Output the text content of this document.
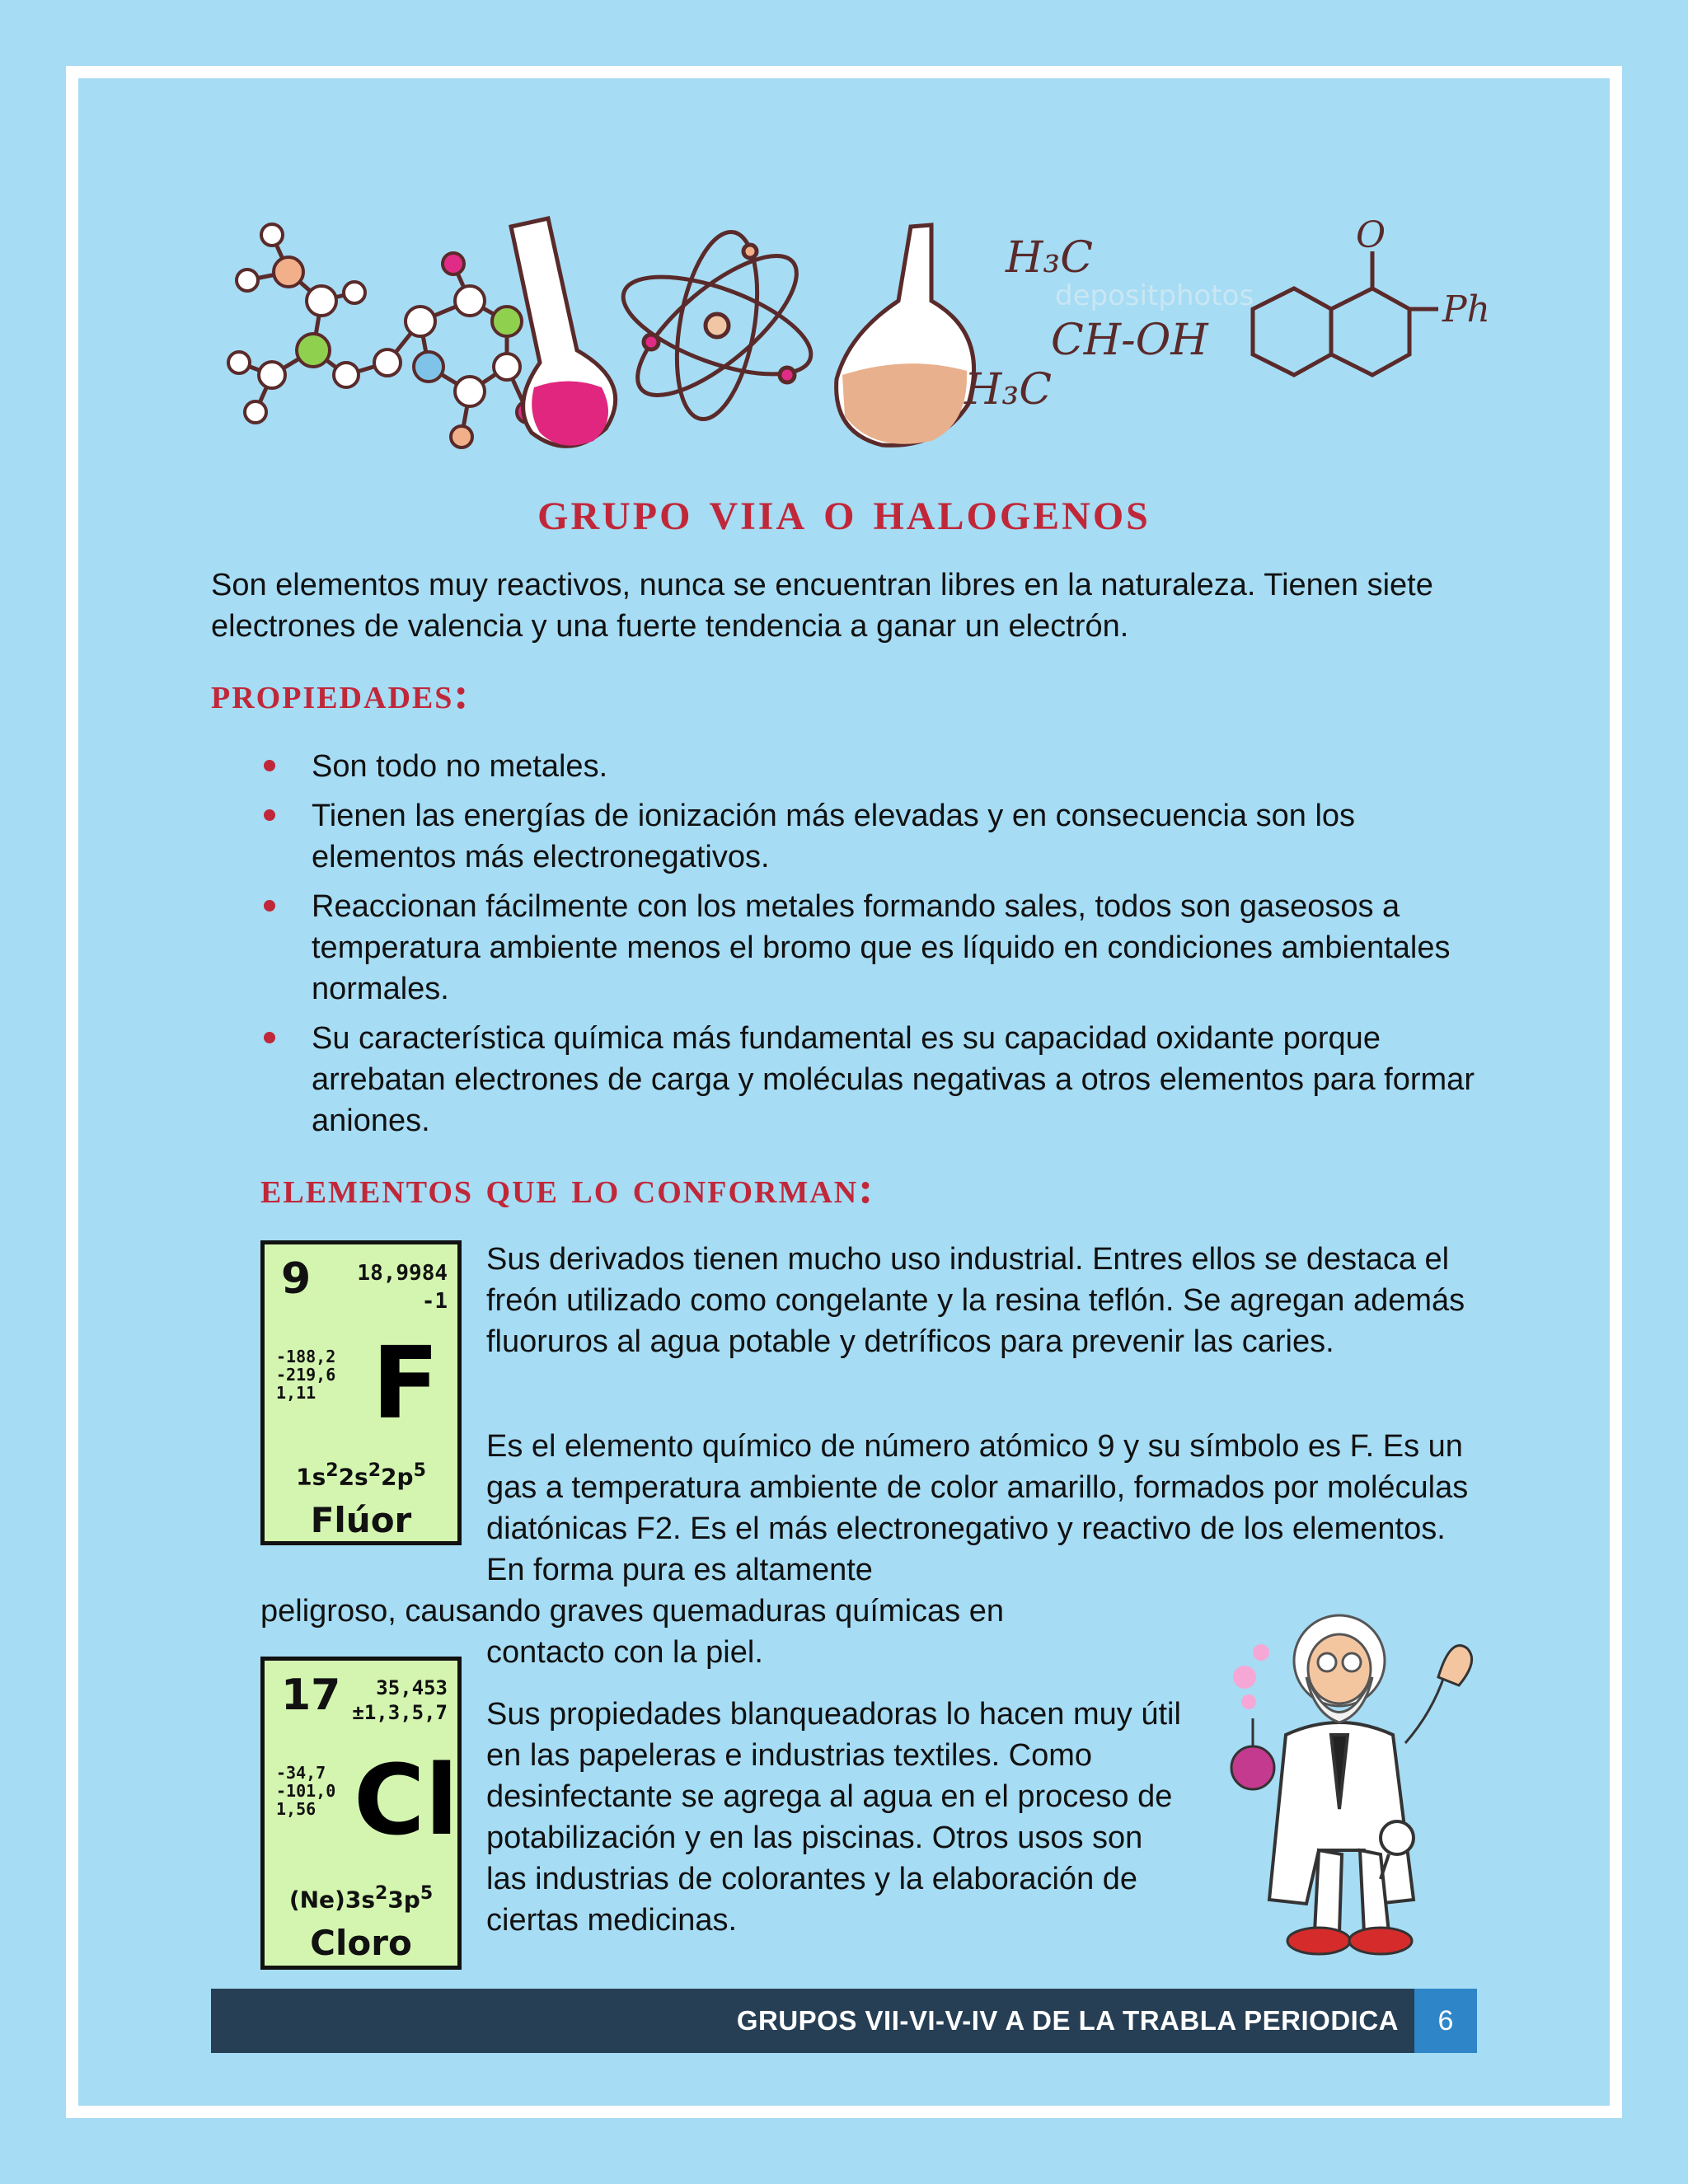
H₃C
CH-OH
H₃C
O
Ph
depositphotos
grupo viia o halogenos

Son elementos muy reactivos, nunca se encuentran libres en la naturaleza. Tienen siete electrones de valencia y una fuerte tendencia a ganar un electrón.

propiedades:
Son todo no metales.
Tienen las energías de ionización más elevadas y en consecuencia son los elementos más electronegativos.
Reaccionan fácilmente con los metales formando sales, todos son gaseosos a temperatura ambiente menos el bromo que es líquido en condiciones ambientales normales.
Su característica química más fundamental es su capacidad oxidante porque arrebatan electrones de carga y moléculas negativas a otros elementos para formar aniones.
elementos que lo conforman:
9 18,9984
-1
-188,2
-219,6
1,11 F
$1s^22s^22p^5$
Flúor

Sus derivados tienen mucho uso industrial. Entres ellos se destaca el freón utilizado como congelante y la resina teflón. Se agregan además fluoruros al agua potable y detríficos para prevenir las caries.

Es el elemento químico de número atómico 9 y su símbolo es F. Es un gas a temperatura ambiente de color amarillo, formados por moléculas diatónicas F2. Es el más electronegativo y reactivo de los elementos. En forma pura es altamente

peligroso, causando graves quemaduras químicas en

contacto con la piel.

17	35,453
±1,3,5,7
-34,7
-101,0
1,56 Cl
$(Ne)3s^23p^5$
Cloro

Sus propiedades blanqueadoras lo hacen muy útil en las papeleras e industrias textiles. Como desinfectante se agrega al agua en el proceso de potabilización y en las piscinas. Otros usos son las industrias de colorantes y la elaboración de ciertas medicinas.

GRUPOS VII-VI-V-IV A DE LA TRABLA PERIODICA	6
